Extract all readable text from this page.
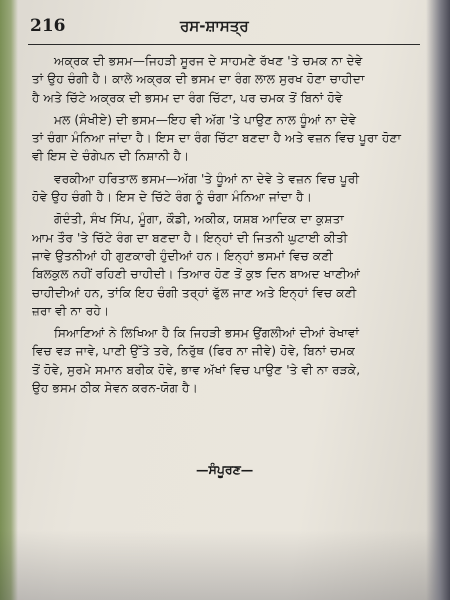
216	ਰਸ-ਸ਼ਾਸਤ੍ਰ

ਅਕ੍ਰਕ ਦੀ ਭਸਮ—ਜਿਹੜੀ ਸੂਰਜ ਦੇ ਸਾਹਮਣੇ ਰੱਖਣ 'ਤੇ ਚਮਕ ਨਾ ਦੇਵੇ
ਤਾਂ ਉਹ ਚੰਗੀ ਹੈ। ਕਾਲੇ ਅਕ੍ਰਕ ਦੀ ਭਸਮ ਦਾ ਰੰਗ ਲਾਲ ਸੁਰਖ ਹੋਣਾ ਚਾਹੀਦਾ
ਹੈ ਅਤੇ ਚਿੱਟੇ ਅਕ੍ਰਕ ਦੀ ਭਸਮ ਦਾ ਰੰਗ ਚਿੱਟਾ, ਪਰ ਚਮਕ ਤੋਂ ਬਿਨਾਂ ਹੋਵੇ

ਮਲ (ਸੰਖੀਏ) ਦੀ ਭਸਮ—ਇਹ ਵੀ ਅੱਗ 'ਤੇ ਪਾਉਣ ਨਾਲ ਧੂੰਆਂ ਨਾ ਦੇਵੇ
ਤਾਂ ਚੰਗਾ ਮੰਨਿਆ ਜਾਂਦਾ ਹੈ। ਇਸ ਦਾ ਰੰਗ ਚਿੱਟਾ ਬਣਦਾ ਹੈ ਅਤੇ ਵਜ਼ਨ ਵਿਚ ਪੂਰਾ ਹੋਣਾ
ਵੀ ਇਸ ਦੇ ਚੰਗੇਪਨ ਦੀ ਨਿਸ਼ਾਨੀ ਹੈ।

ਵਰਕੀਆ ਹਰਿਤਾਲ ਭਸਮ—ਅੱਗ 'ਤੇ ਧੂੰਆਂ ਨਾ ਦੇਵੇ ਤੇ ਵਜ਼ਨ ਵਿਚ ਪੂਰੀ
ਹੋਵੇ ਉਹ ਚੰਗੀ ਹੈ। ਇਸ ਦੇ ਚਿੱਟੇ ਰੰਗ ਨੂੰ ਚੰਗਾ ਮੰਨਿਆ ਜਾਂਦਾ ਹੈ।

ਗੋਦੰਤੀ, ਸੰਖ ਸਿੱਪ, ਮੂੰਗਾ, ਕੌਡੀ, ਅਕੀਕ, ਯਸ਼ਬ ਆਦਿਕ ਦਾ ਕੁਸ਼ਤਾ
ਆਮ ਤੌਰ 'ਤੇ ਚਿੱਟੇ ਰੰਗ ਦਾ ਬਣਦਾ ਹੈ। ਇਨ੍ਹਾਂ ਦੀ ਜਿਤਨੀ ਘੁਟਾਈ ਕੀਤੀ
ਜਾਵੇ ਉਤਨੀਆਂ ਹੀ ਗੁਣਕਾਰੀ ਹੁੰਦੀਆਂ ਹਨ। ਇਨ੍ਹਾਂ ਭਸਮਾਂ ਵਿਚ ਕਣੀ
ਬਿਲਕੁਲ ਨਹੀਂ ਰਹਿਣੀ ਚਾਹੀਦੀ। ਤਿਆਰ ਹੋਣ ਤੋਂ ਕੁਝ ਦਿਨ ਬਾਅਦ ਖਾਣੀਆਂ
ਚਾਹੀਦੀਆਂ ਹਨ, ਤਾਂਕਿ ਇਹ ਚੰਗੀ ਤਰ੍ਹਾਂ ਫੁੱਲ ਜਾਣ ਅਤੇ ਇਨ੍ਹਾਂ ਵਿਚ ਕਣੀ
ਜ਼ਰਾ ਵੀ ਨਾ ਰਹੇ।

ਸਿਆਣਿਆਂ ਨੇ ਲਿਖਿਆ ਹੈ ਕਿ ਜਿਹੜੀ ਭਸਮ ਉਂਗਲੀਆਂ ਦੀਆਂ ਰੇਖਾਵਾਂ
ਵਿਚ ਵੜ ਜਾਵੇ, ਪਾਣੀ ਉੱਤੇ ਤਰੇ, ਨਿਰੁੱਥ (ਫਿਰ ਨਾ ਜੀਵੇ) ਹੋਵੇ, ਬਿਨਾਂ ਚਮਕ
ਤੋਂ ਹੋਵੇ, ਸੁਰਮੇ ਸਮਾਨ ਬਰੀਕ ਹੋਵੇ, ਭਾਵ ਅੱਖਾਂ ਵਿਚ ਪਾਉਣ 'ਤੇ ਵੀ ਨਾ ਰੜਕੇ,
ਉਹ ਭਸਮ ਠੀਕ ਸੇਵਨ ਕਰਨ-ਯੋਗ ਹੈ।

—ਸੰਪੂਰਣ—
